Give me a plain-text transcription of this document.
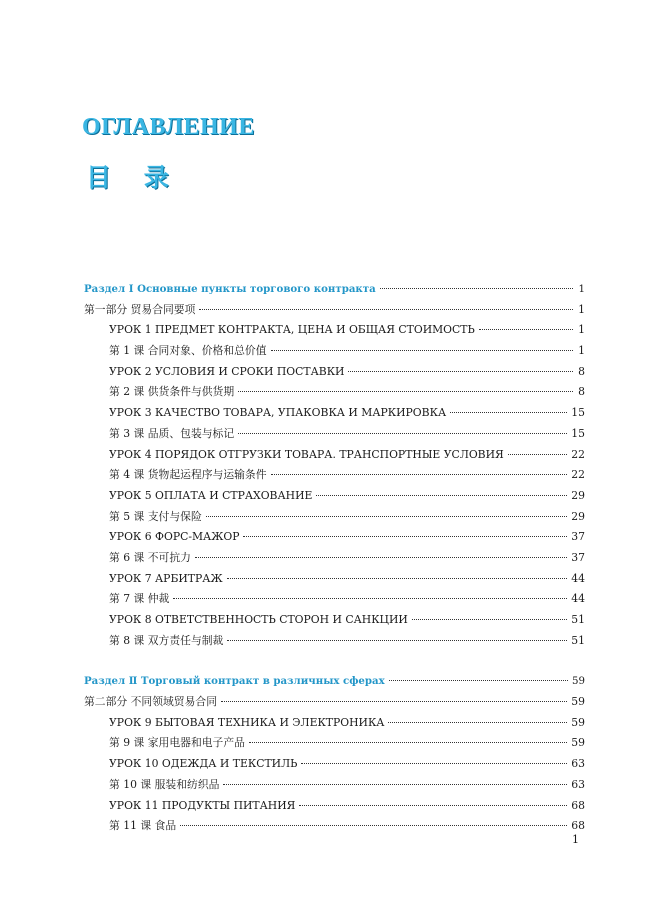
ОГЛАВЛЕНИЕ
目 录
Раздел Ⅰ Основные пункты торгового контракта	1
第一部分 贸易合同要项	1
УРОК 1 ПРЕДМЕТ КОНТРАКТА, ЦЕНА И ОБЩАЯ СТОИМОСТЬ	1
第 1 课 合同对象、价格和总价值	1
УРОК 2 УСЛОВИЯ И СРОКИ ПОСТАВКИ	8
第 2 课 供货条件与供货期	8
УРОК 3 КАЧЕСТВО ТОВАРА, УПАКОВКА И МАРКИРОВКА	15
第 3 课 品质、包装与标记	15
УРОК 4 ПОРЯДОК ОТГРУЗКИ ТОВАРА. ТРАНСПОРТНЫЕ УСЛОВИЯ	22
第 4 课 货物起运程序与运输条件	22
УРОК 5 ОПЛАТА И СТРАХОВАНИЕ	29
第 5 课 支付与保险	29
УРОК 6 ФОРС-МАЖОР	37
第 6 课 不可抗力	37
УРОК 7 АРБИТРАЖ	44
第 7 课 仲裁	44
УРОК 8 ОТВЕТСТВЕННОСТЬ СТОРОН И САНКЦИИ	51
第 8 课 双方责任与制裁	51
Раздел Ⅱ Торговый контракт в различных сферах	59
第二部分 不同领域贸易合同	59
УРОК 9 БЫТОВАЯ ТЕХНИКА И ЭЛЕКТРОНИКА	59
第 9 课 家用电器和电子产品	59
УРОК 10 ОДЕЖДА И ТЕКСТИЛЬ	63
第 10 课 服装和纺织品	63
УРОК 11 ПРОДУКТЫ ПИТАНИЯ	68
第 11 课 食品	68
1
